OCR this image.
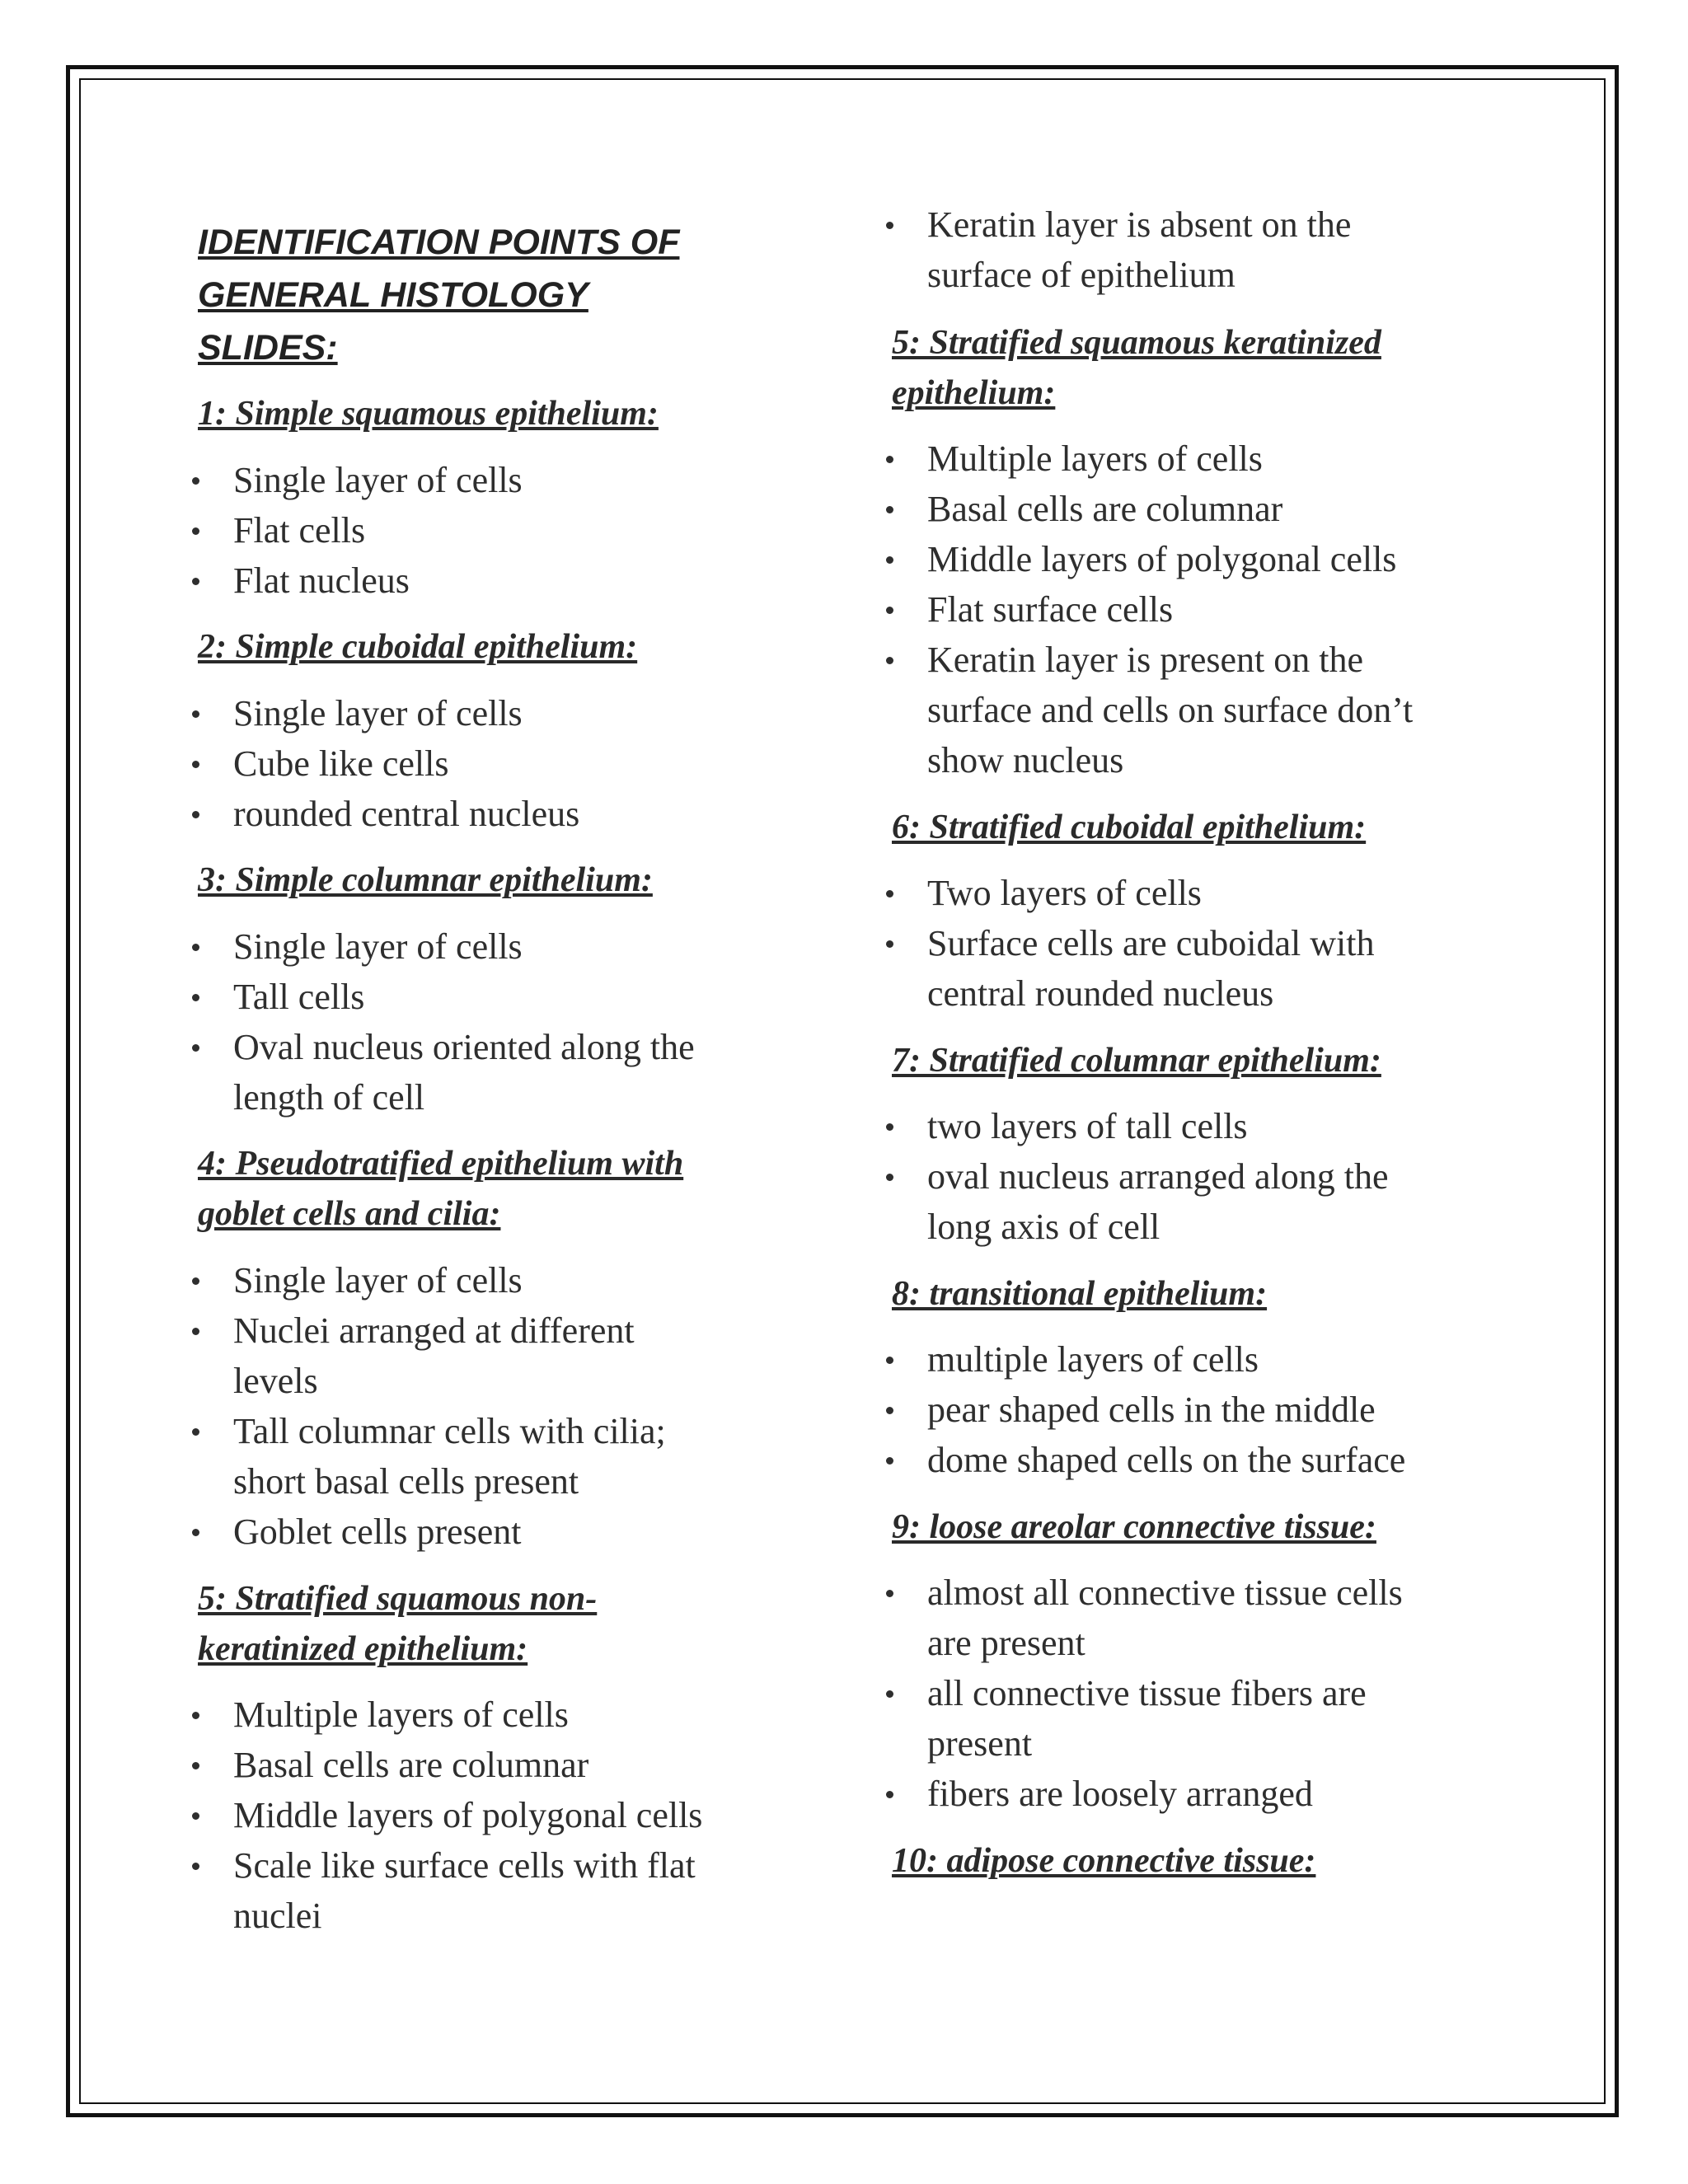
IDENTIFICATION POINTS OF
GENERAL HISTOLOGY
SLIDES:
1: Simple squamous epithelium:
Single layer of cells
Flat cells
Flat nucleus
2: Simple cuboidal epithelium:
Single layer of cells
Cube like cells
rounded central nucleus
3: Simple columnar epithelium:
Single layer of cells
Tall cells
Oval nucleus oriented along the
length of cell
4: Pseudotratified epithelium with
goblet cells and cilia:
Single layer of cells
Nuclei arranged at different
levels
Tall columnar cells with cilia;
short basal cells present
Goblet cells present
5: Stratified squamous non-
keratinized epithelium:
Multiple layers of cells
Basal cells are columnar
Middle layers of polygonal cells
Scale like surface cells with flat
nuclei
Keratin layer is absent on the
surface of epithelium
5: Stratified squamous keratinized
epithelium:
Multiple layers of cells
Basal cells are columnar
Middle layers of polygonal cells
Flat surface cells
Keratin layer is present on the
surface and cells on surface don’t
show nucleus
6: Stratified cuboidal epithelium:
Two layers of cells
Surface cells are cuboidal with
central rounded nucleus
7: Stratified columnar epithelium:
two layers of tall cells
oval nucleus arranged along the
long axis of cell
8: transitional epithelium:
multiple layers of cells
pear shaped cells in the middle
dome shaped cells on the surface
9: loose areolar connective tissue:
almost all connective tissue cells
are present
all connective tissue fibers are
present
fibers are loosely arranged
10: adipose connective tissue:
